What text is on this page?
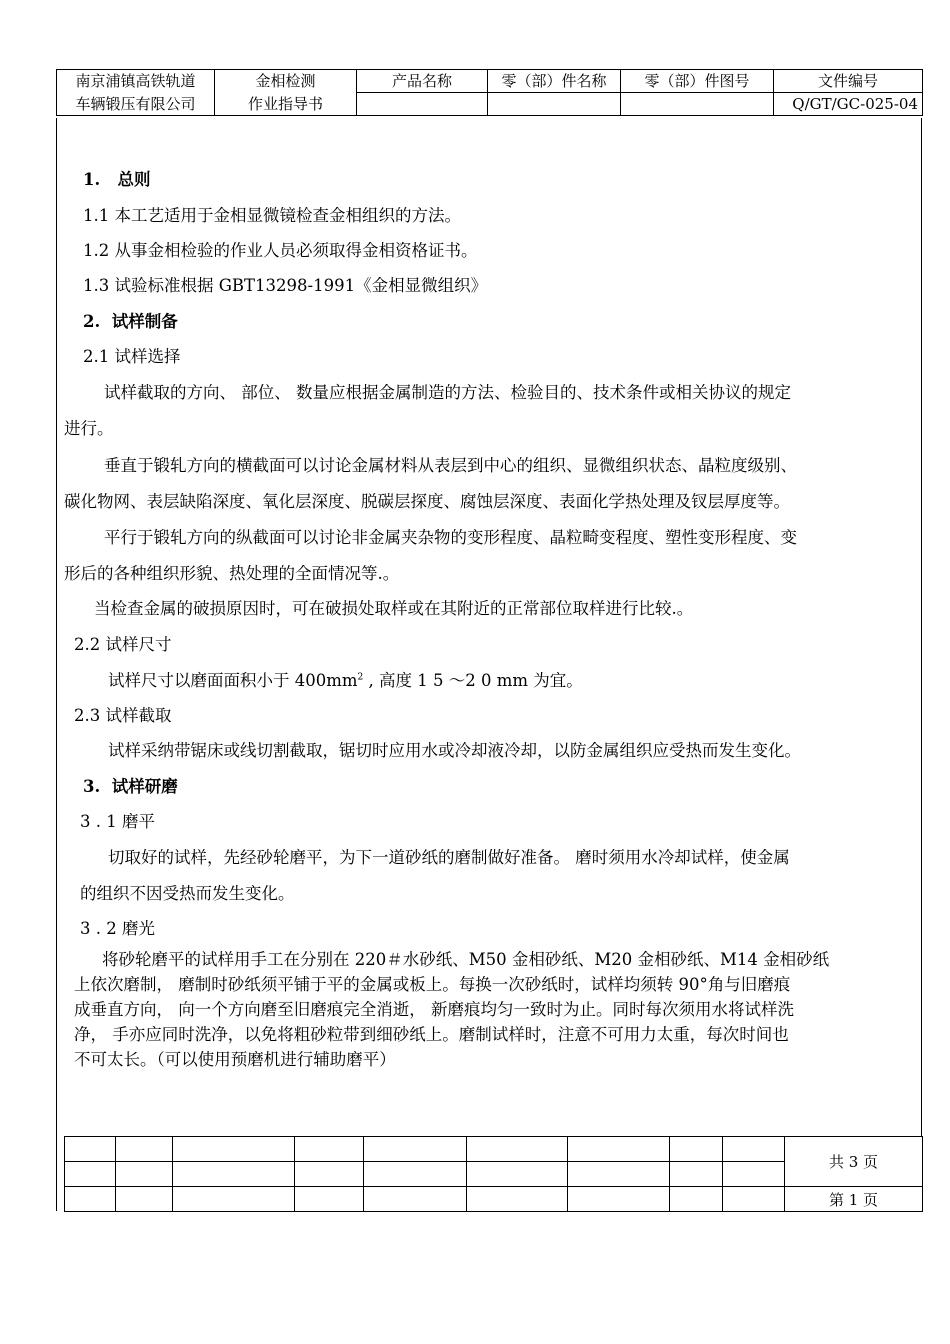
南京浦镇高铁轨道	金相检测	产品名称	零（部）件名称	零（部）件图号	文件编号
车辆锻压有限公司	作业指导书				Q/GT/GC-025-04
1.   总则
1.1 本工艺适用于金相显微镜检查金相组织的方法。
1.2 从事金相检验的作业人员必须取得金相资格证书。
1.3 试验标准根据 GBT13298-1991《金相显微组织》
2.  试样制备
2.1 试样选择
试样截取的方向、 部位、 数量应根据金属制造的方法、检验目的、技术条件或相关协议的规定
进行。
垂直于锻轧方向的横截面可以讨论金属材料从表层到中心的组织、显微组织状态、晶粒度级别、
碳化物网、表层缺陷深度、氧化层深度、脱碳层探度、腐蚀层深度、表面化学热处理及钗层厚度等。
平行于锻轧方向的纵截面可以讨论非金属夹杂物的变形程度、晶粒畸变程度、塑性变形程度、变
形后的各种组织形貌、热处理的全面情况等.。
当检查金属的破损原因时，可在破损处取样或在其附近的正常部位取样进行比较.。
2.2 试样尺寸
试样尺寸以磨面面积小于 $400mm^2$ , 高度 1 5 ～2 0 mm 为宜。
2.3 试样截取
试样采纳带锯床或线切割截取，锯切时应用水或冷却液冷却，以防金属组织应受热而发生变化。
3.  试样研磨
3 . 1 磨平
切取好的试样，先经砂轮磨平，为下一道砂纸的磨制做好准备。 磨时须用水冷却试样，使金属
的组织不因受热而发生变化。
3 . 2 磨光
将砂轮磨平的试样用手工在分别在 220＃水砂纸、M50 金相砂纸、M20 金相砂纸、M14 金相砂纸
上依次磨制， 磨制时砂纸须平铺于平的金属或板上。每换一次砂纸时，试样均须转 90°角与旧磨痕
成垂直方向， 向一个方向磨至旧磨痕完全消逝， 新磨痕均匀一致时为止。同时每次须用水将试样洗
净， 手亦应同时洗净，以免将粗砂粒带到细砂纸上。磨制试样时，注意不可用力太重，每次时间也
不可太长。（可以使用预磨机进行辅助磨平）
									共 3 页

									第 1 页
